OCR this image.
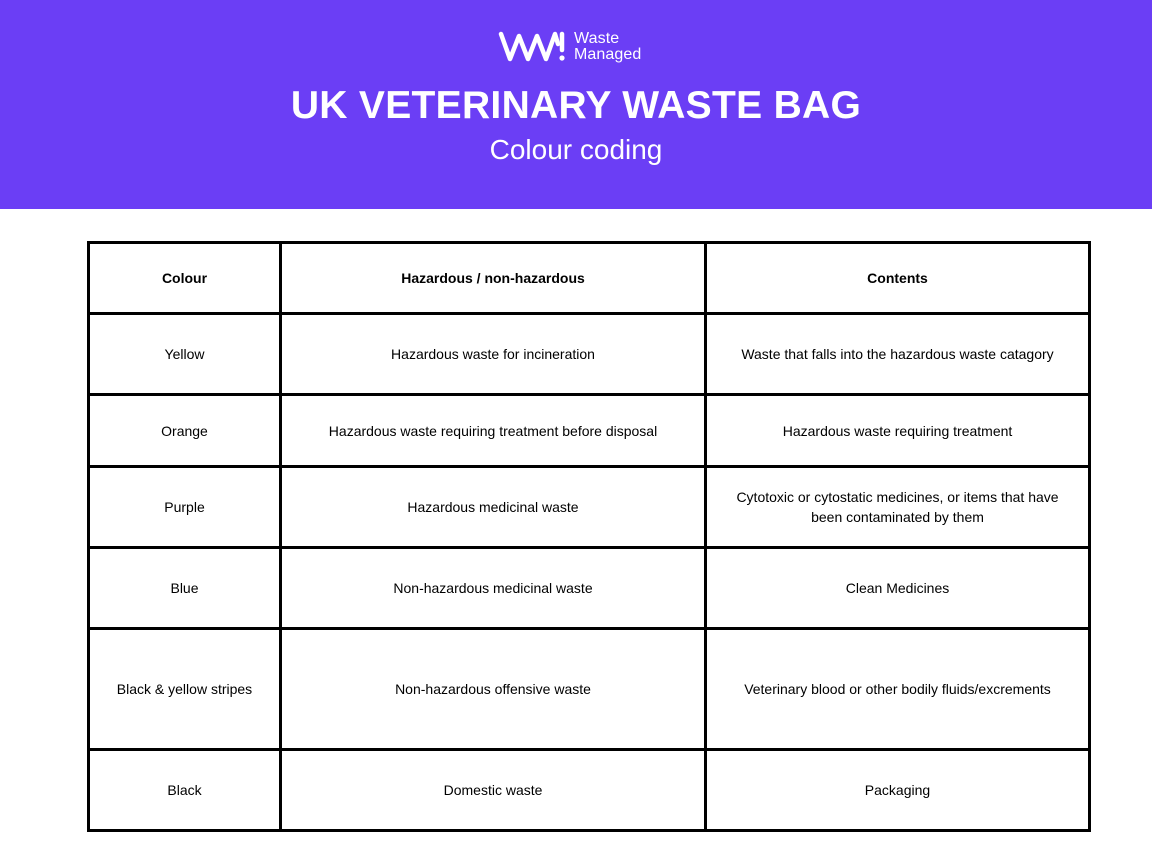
Waste
Managed
UK VETERINARY WASTE BAG
Colour coding
Colour	Hazardous / non-hazardous	Contents
Yellow	Hazardous waste for incineration	Waste that falls into the hazardous waste catagory
Orange	Hazardous waste requiring treatment before disposal	Hazardous waste requiring treatment
Purple	Hazardous medicinal waste	Cytotoxic or cytostatic medicines, or items that have been contaminated by them
Blue	Non-hazardous medicinal waste	Clean Medicines
Black & yellow stripes	Non-hazardous offensive waste	Veterinary blood or other bodily fluids/excrements
Black	Domestic waste	Packaging
